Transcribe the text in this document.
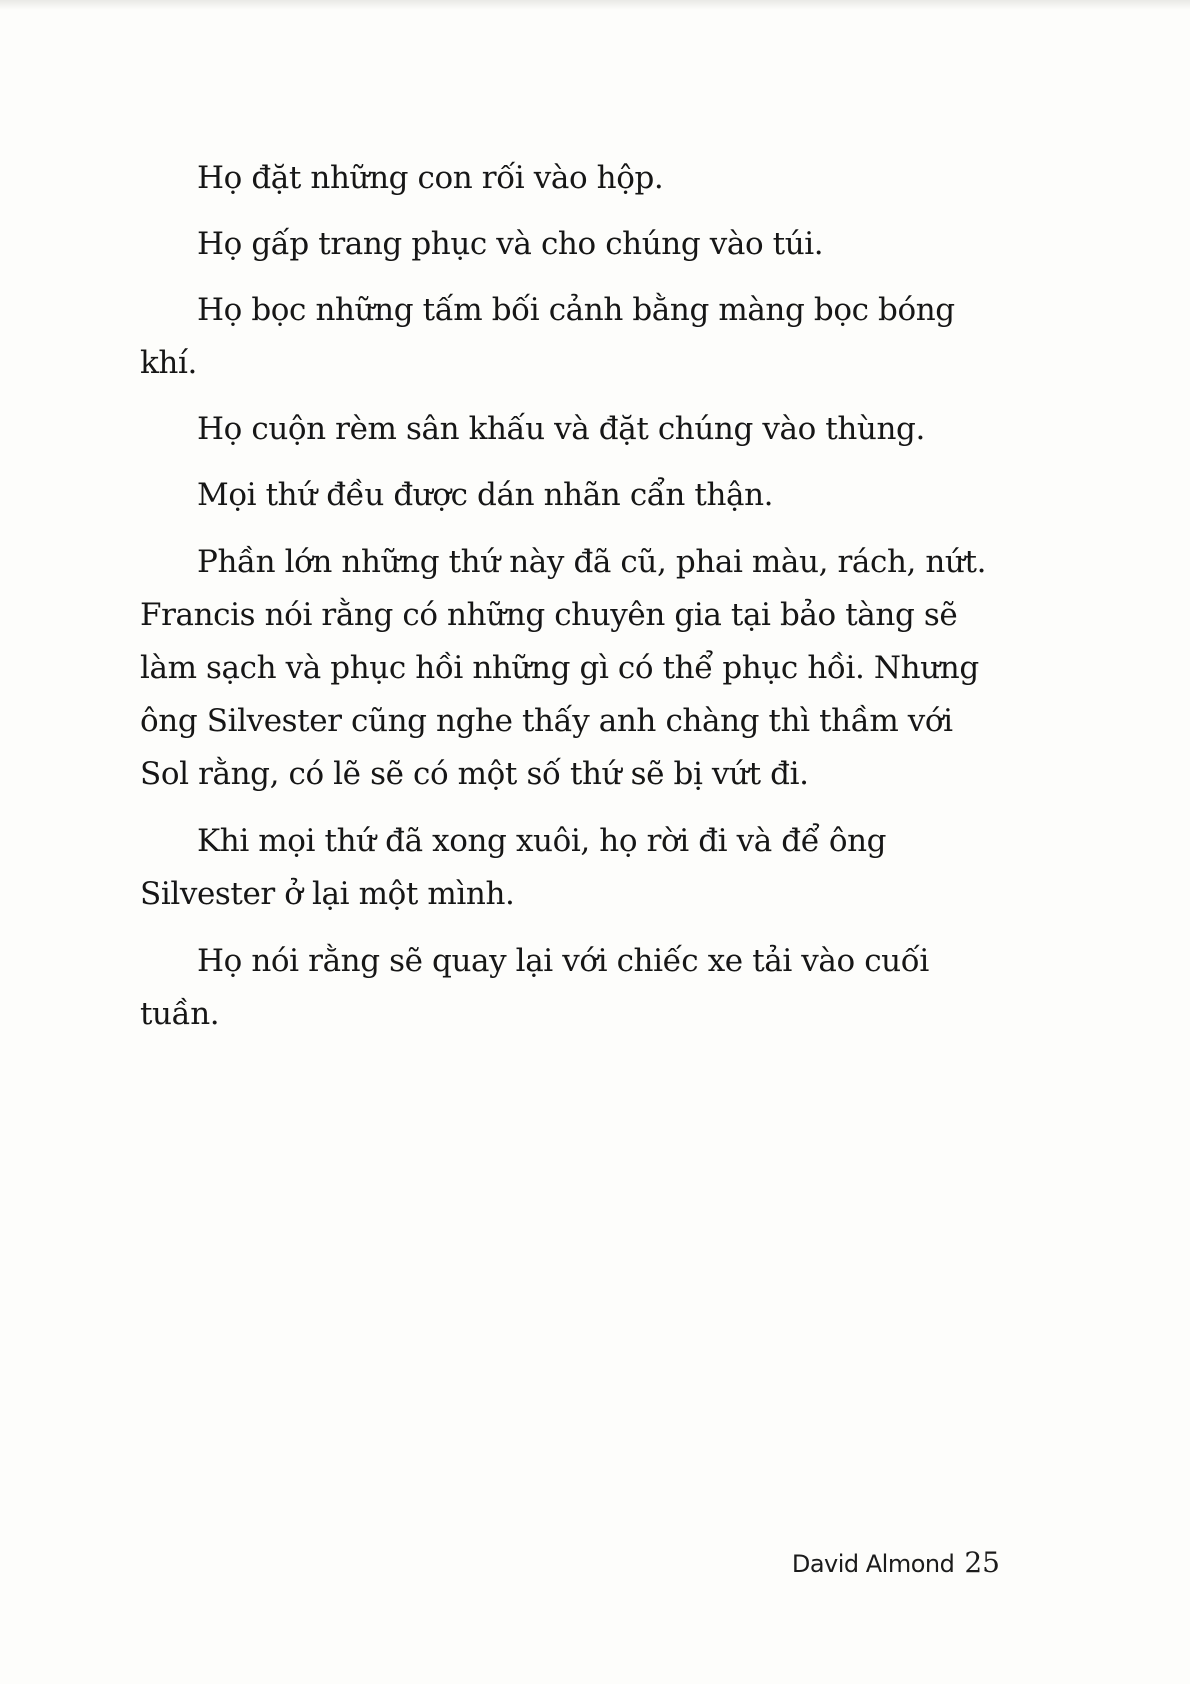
Họ đặt những con rối vào hộp.

Họ gấp trang phục và cho chúng vào túi.

Họ bọc những tấm bối cảnh bằng màng bọc bóng khí.

Họ cuộn rèm sân khấu và đặt chúng vào thùng.

Mọi thứ đều được dán nhãn cẩn thận.

Phần lớn những thứ này đã cũ, phai màu, rách, nứt. Francis nói rằng có những chuyên gia tại bảo tàng sẽ làm sạch và phục hồi những gì có thể phục hồi. Nhưng ông Silvester cũng nghe thấy anh chàng thì thầm với Sol rằng, có lẽ sẽ có một số thứ sẽ bị vứt đi.

Khi mọi thứ đã xong xuôi, họ rời đi và để ông Silvester ở lại một mình.

Họ nói rằng sẽ quay lại với chiếc xe tải vào cuối tuần.

David Almond 25
